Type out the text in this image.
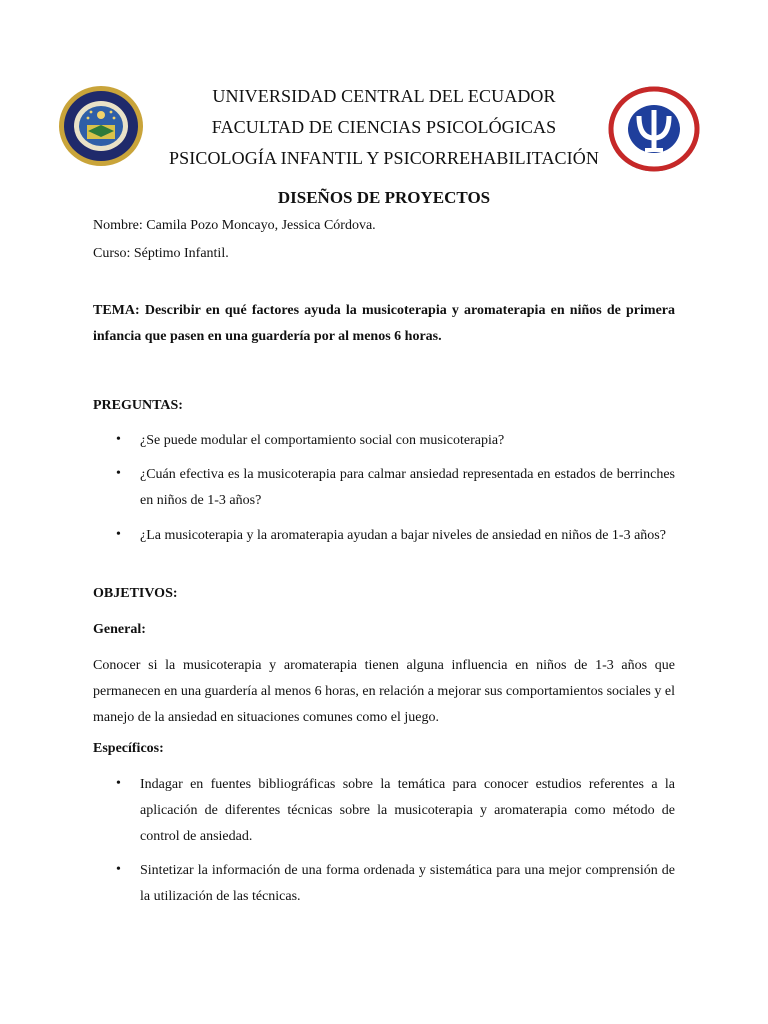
UNIVERSIDAD CENTRAL DEL ECUADOR
FACULTAD DE CIENCIAS PSICOLÓGICAS
PSICOLOGÍA INFANTIL Y PSICORREHABILITACIÓN
DISEÑOS DE PROYECTOS
Nombre: Camila Pozo Moncayo, Jessica Córdova.
Curso: Séptimo Infantil.
TEMA: Describir en qué factores ayuda la musicoterapia y aromaterapia en niños de primera infancia que pasen en una guardería por al menos 6 horas.
PREGUNTAS:
• ¿Se puede modular el comportamiento social con musicoterapia?
• ¿Cuán efectiva es la musicoterapia para calmar ansiedad representada en estados de berrinches en niños de 1-3 años?
• ¿La musicoterapia y la aromaterapia ayudan a bajar niveles de ansiedad en niños de 1-3 años?
OBJETIVOS:
General:
Conocer si la musicoterapia y aromaterapia tienen alguna influencia en niños de 1-3 años que permanecen en una guardería al menos 6 horas, en relación a mejorar sus comportamientos sociales y el manejo de la ansiedad en situaciones comunes como el juego.
Específicos:
• Indagar en fuentes bibliográficas sobre la temática para conocer estudios referentes a la aplicación de diferentes técnicas sobre la musicoterapia y aromaterapia como método de control de ansiedad.
• Sintetizar la información de una forma ordenada y sistemática para una mejor comprensión de la utilización de las técnicas.
